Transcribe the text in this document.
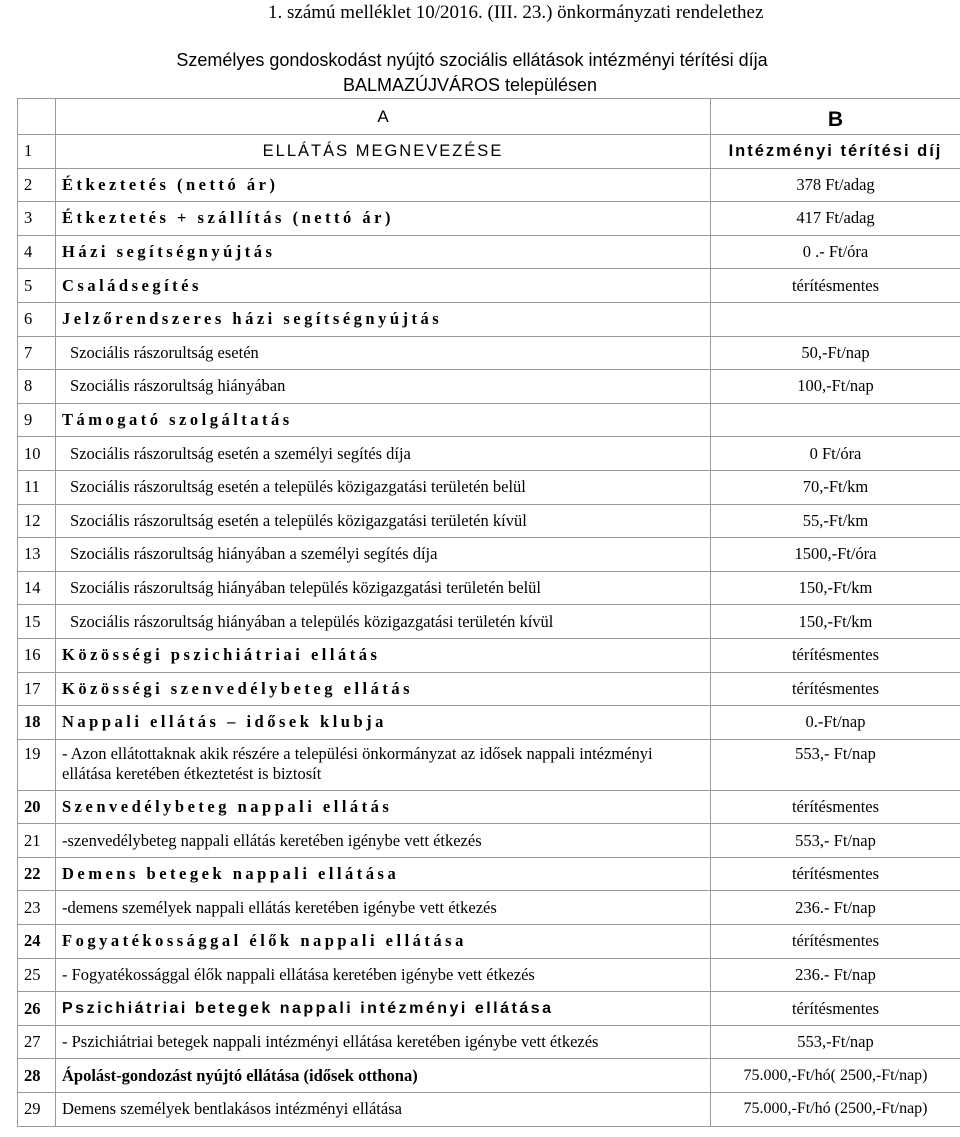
1. számú melléklet 10/2016. (III. 23.) önkormányzati rendelethez
Személyes gondoskodást nyújtó szociális ellátások intézményi térítési díja
BALMAZÚJVÁROS településen
	A	B
1	ELLÁTÁS MEGNEVEZÉSE	Intézményi térítési díj
2	Étkeztetés (nettó ár)	378 Ft/adag
3	Étkeztetés + szállítás (nettó ár)	417 Ft/adag
4	Házi segítségnyújtás	0 .- Ft/óra
5	Családsegítés	térítésmentes
6	Jelzőrendszeres házi segítségnyújtás	
7	Szociális rászorultság esetén	50,-Ft/nap
8	Szociális rászorultság hiányában	100,-Ft/nap
9	Támogató szolgáltatás	
10	Szociális rászorultság esetén a személyi segítés díja	0 Ft/óra
11	Szociális rászorultság esetén a település közigazgatási területén belül	70,-Ft/km
12	Szociális rászorultság esetén a település közigazgatási területén kívül	55,-Ft/km
13	Szociális rászorultság hiányában a személyi segítés díja	1500,-Ft/óra
14	Szociális rászorultság hiányában település közigazgatási területén belül	150,-Ft/km
15	Szociális rászorultság hiányában a település közigazgatási területén kívül	150,-Ft/km
16	Közösségi pszichiátriai ellátás	térítésmentes
17	Közösségi szenvedélybeteg ellátás	térítésmentes
18	Nappali ellátás – idősek klubja	0.-Ft/nap
19	- Azon ellátottaknak akik részére a települési önkormányzat az idősek nappali intézményi ellátása keretében étkeztetést is biztosít	553,- Ft/nap
20	Szenvedélybeteg nappali ellátás	térítésmentes
21	-szenvedélybeteg nappali ellátás keretében igénybe vett étkezés	553,- Ft/nap
22	Demens betegek nappali ellátása	térítésmentes
23	-demens személyek nappali ellátás keretében igénybe vett étkezés	236.- Ft/nap
24	Fogyatékossággal élők nappali ellátása	térítésmentes
25	- Fogyatékossággal élők nappali ellátása keretében igénybe vett étkezés	236.- Ft/nap
26	Pszichiátriai betegek nappali intézményi ellátása	térítésmentes
27	- Pszichiátriai betegek nappali intézményi ellátása keretében igénybe vett étkezés	553,-Ft/nap
28	Ápolást-gondozást nyújtó ellátása (idősek otthona)	75.000,-Ft/hó( 2500,-Ft/nap)
29	Demens személyek bentlakásos intézményi ellátása	75.000,-Ft/hó (2500,-Ft/nap)
